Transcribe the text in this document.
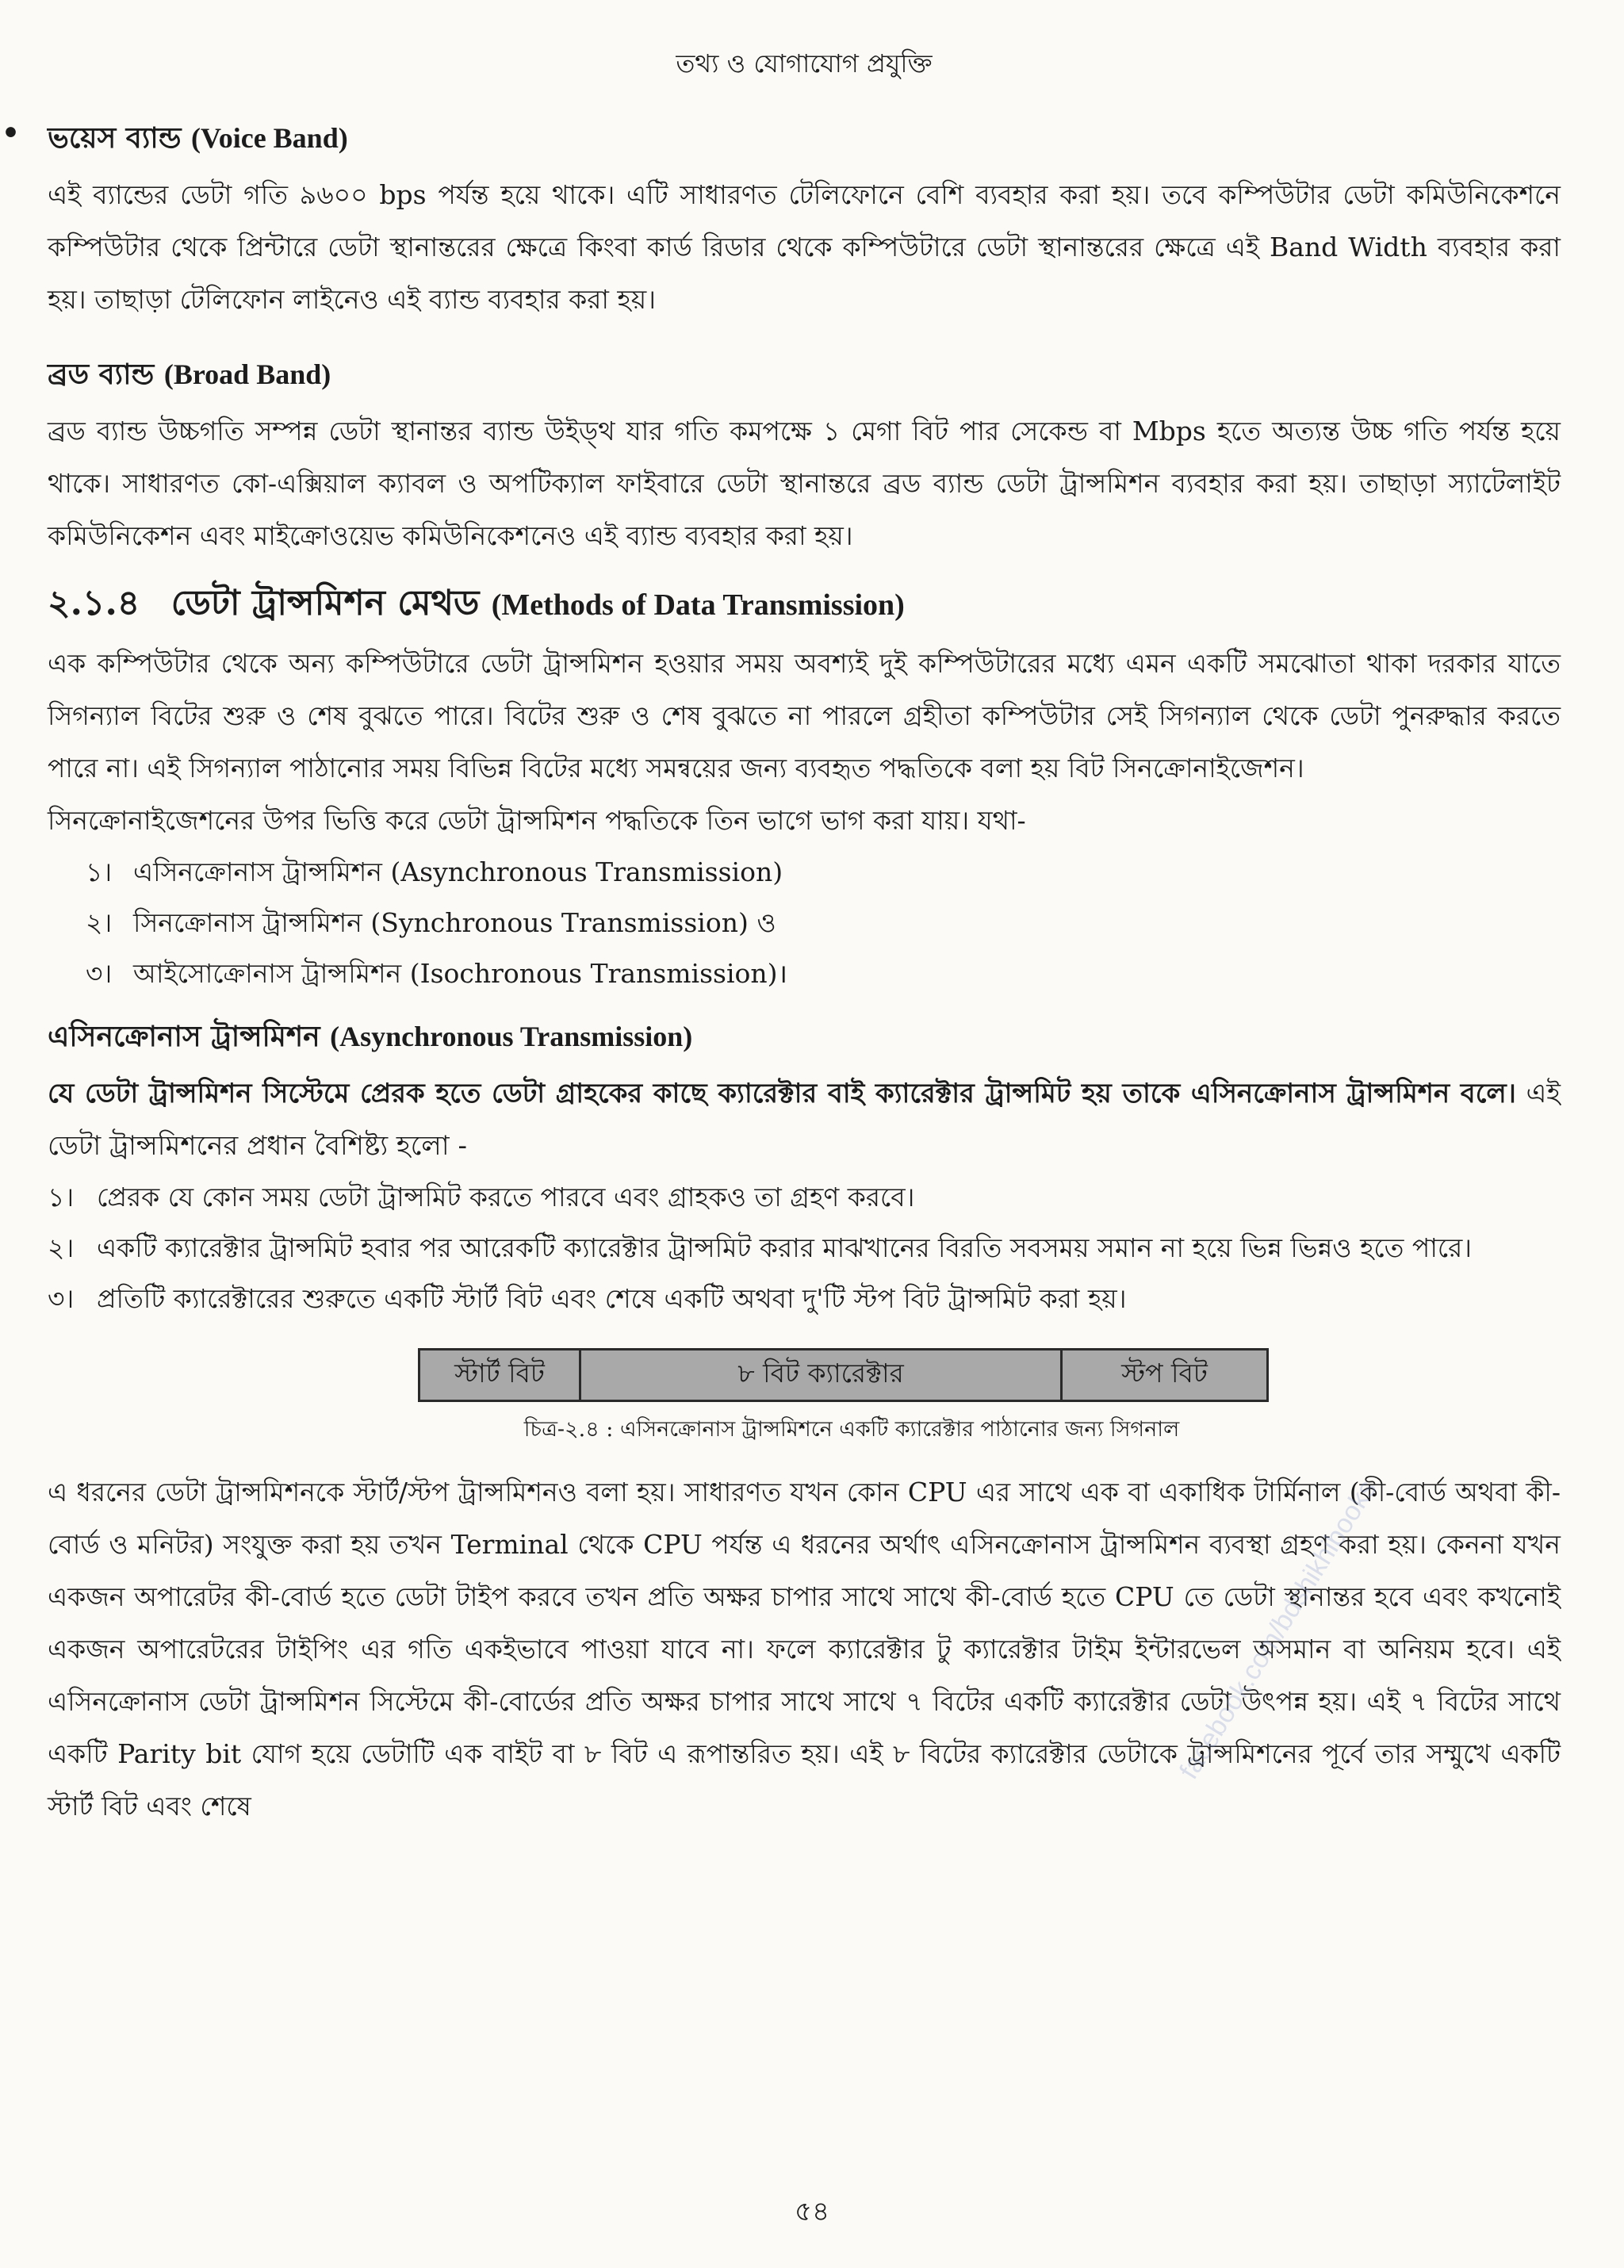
তথ্য ও যোগাযোগ প্রযুক্তি
• ভয়েস ব্যান্ড (Voice Band)

এই ব্যান্ডের ডেটা গতি ৯৬০০ bps পর্যন্ত হয়ে থাকে। এটি সাধারণত টেলিফোনে বেশি ব্যবহার করা হয়। তবে কম্পিউটার ডেটা কমিউনিকেশনে কম্পিউটার থেকে প্রিন্টারে ডেটা স্থানান্তরের ক্ষেত্রে কিংবা কার্ড রিডার থেকে কম্পিউটারে ডেটা স্থানান্তরের ক্ষেত্রে এই Band Width ব্যবহার করা হয়। তাছাড়া টেলিফোন লাইনেও এই ব্যান্ড ব্যবহার করা হয়।

ব্রড ব্যান্ড (Broad Band)

ব্রড ব্যান্ড উচ্চগতি সম্পন্ন ডেটা স্থানান্তর ব্যান্ড উইড্থ যার গতি কমপক্ষে ১ মেগা বিট পার সেকেন্ড বা Mbps হতে অত্যন্ত উচ্চ গতি পর্যন্ত হয়ে থাকে। সাধারণত কো-এক্সিয়াল ক্যাবল ও অপটিক্যাল ফাইবারে ডেটা স্থানান্তরে ব্রড ব্যান্ড ডেটা ট্রান্সমিশন ব্যবহার করা হয়। তাছাড়া স্যাটেলাইট কমিউনিকেশন এবং মাইক্রোওয়েভ কমিউনিকেশনেও এই ব্যান্ড ব্যবহার করা হয়।

২.১.৪ ডেটা ট্রান্সমিশন মেথড (Methods of Data Transmission)

এক কম্পিউটার থেকে অন্য কম্পিউটারে ডেটা ট্রান্সমিশন হওয়ার সময় অবশ্যই দুই কম্পিউটারের মধ্যে এমন একটি সমঝোতা থাকা দরকার যাতে সিগন্যাল বিটের শুরু ও শেষ বুঝতে পারে। বিটের শুরু ও শেষ বুঝতে না পারলে গ্রহীতা কম্পিউটার সেই সিগন্যাল থেকে ডেটা পুনরুদ্ধার করতে পারে না। এই সিগন্যাল পাঠানোর সময় বিভিন্ন বিটের মধ্যে সমন্বয়ের জন্য ব্যবহৃত পদ্ধতিকে বলা হয় বিট সিনক্রোনাইজেশন।

সিনক্রোনাইজেশনের উপর ভিত্তি করে ডেটা ট্রান্সমিশন পদ্ধতিকে তিন ভাগে ভাগ করা যায়। যথা-

১। এসিনক্রোনাস ট্রান্সমিশন (Asynchronous Transmission)
২। সিনক্রোনাস ট্রান্সমিশন (Synchronous Transmission) ও
৩। আইসোক্রোনাস ট্রান্সমিশন (Isochronous Transmission)।
এসিনক্রোনাস ট্রান্সমিশন (Asynchronous Transmission)

যে ডেটা ট্রান্সমিশন সিস্টেমে প্রেরক হতে ডেটা গ্রাহকের কাছে ক্যারেক্টার বাই ক্যারেক্টার ট্রান্সমিট হয় তাকে এসিনক্রোনাস ট্রান্সমিশন বলে। এই ডেটা ট্রান্সমিশনের প্রধান বৈশিষ্ট্য হলো -

১। প্রেরক যে কোন সময় ডেটা ট্রান্সমিট করতে পারবে এবং গ্রাহকও তা গ্রহণ করবে।
২। একটি ক্যারেক্টার ট্রান্সমিট হবার পর আরেকটি ক্যারেক্টার ট্রান্সমিট করার মাঝখানের বিরতি সবসময় সমান না হয়ে ভিন্ন ভিন্নও হতে পারে।
৩। প্রতিটি ক্যারেক্টারের শুরুতে একটি স্টার্ট বিট এবং শেষে একটি অথবা দু'টি স্টপ বিট ট্রান্সমিট করা হয়।
স্টার্ট বিট	৮ বিট ক্যারেক্টার	স্টপ বিট
চিত্র-২.৪ : এসিনক্রোনাস ট্রান্সমিশনে একটি ক্যারেক্টার পাঠানোর জন্য সিগনাল

এ ধরনের ডেটা ট্রান্সমিশনকে স্টার্ট/স্টপ ট্রান্সমিশনও বলা হয়। সাধারণত যখন কোন CPU এর সাথে এক বা একাধিক টার্মিনাল (কী-বোর্ড অথবা কী-বোর্ড ও মনিটর) সংযুক্ত করা হয় তখন Terminal থেকে CPU পর্যন্ত এ ধরনের অর্থাৎ এসিনক্রোনাস ট্রান্সমিশন ব্যবস্থা গ্রহণ করা হয়। কেননা যখন একজন অপারেটর কী-বোর্ড হতে ডেটা টাইপ করবে তখন প্রতি অক্ষর চাপার সাথে সাথে কী-বোর্ড হতে CPU তে ডেটা স্থানান্তর হবে এবং কখনোই একজন অপারেটরের টাইপিং এর গতি একইভাবে পাওয়া যাবে না। ফলে ক্যারেক্টার টু ক্যারেক্টার টাইম ইন্টারভেল অসমান বা অনিয়ম হবে। এই এসিনক্রোনাস ডেটা ট্রান্সমিশন সিস্টেমে কী-বোর্ডের প্রতি অক্ষর চাপার সাথে সাথে ৭ বিটের একটি ক্যারেক্টার ডেটা উৎপন্ন হয়। এই ৭ বিটের সাথে একটি Parity bit যোগ হয়ে ডেটাটি এক বাইট বা ৮ বিট এ রূপান্তরিত হয়। এই ৮ বিটের ক্যারেক্টার ডেটাকে ট্রান্সমিশনের পূর্বে তার সম্মুখে একটি স্টার্ট বিট এবং শেষে

facebook.com/bdshikhibooks
৫৪
